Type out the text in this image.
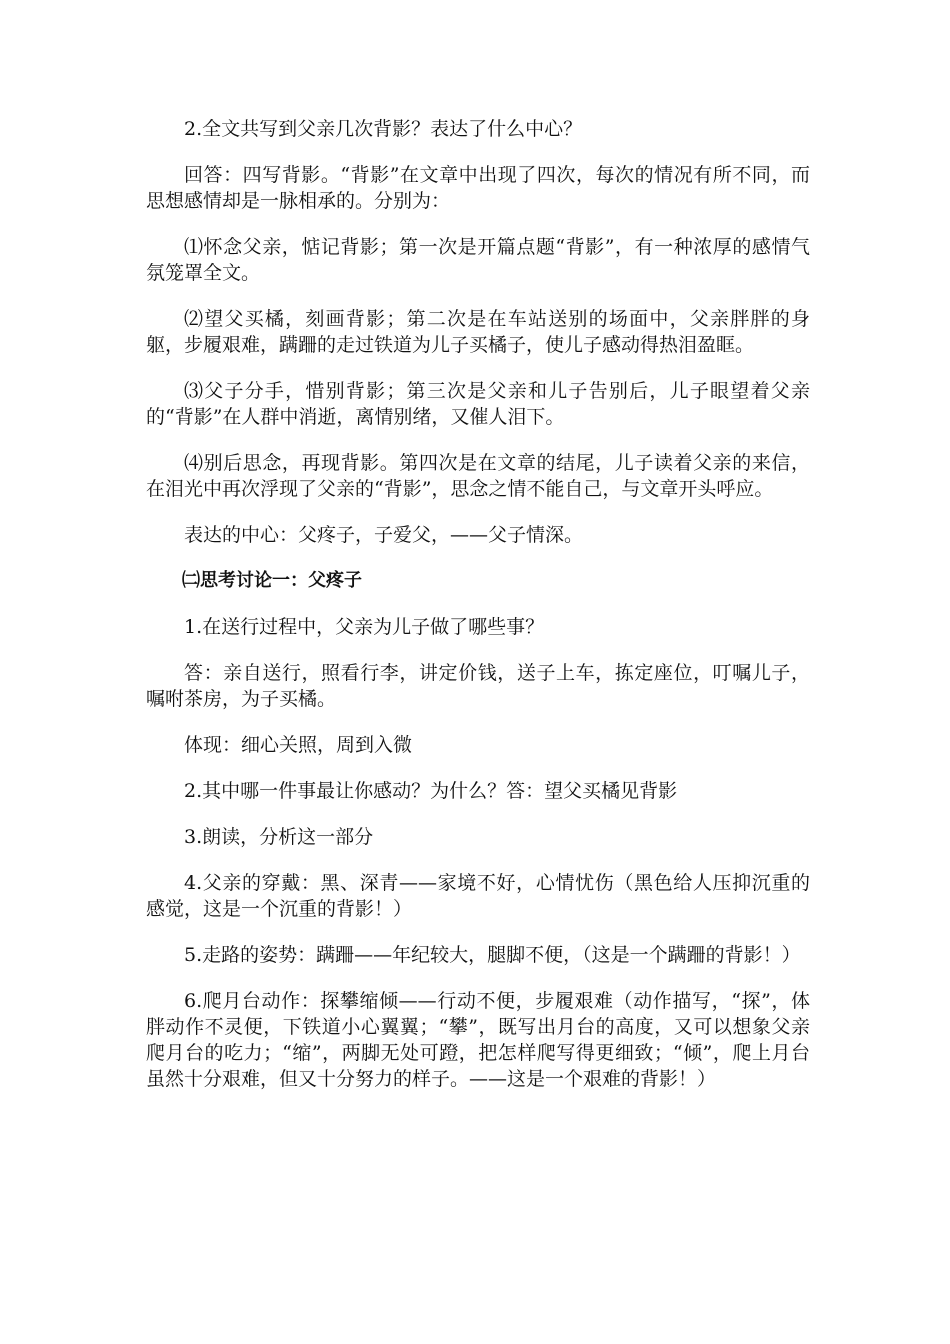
2.全文共写到父亲几次背影？表达了什么中心？

回答：四写背影。“背影”在文章中出现了四次，每次的情况有所不同，而思想感情却是一脉相承的。分别为：

⑴怀念父亲，惦记背影；第一次是开篇点题“背影”，有一种浓厚的感情气氛笼罩全文。

⑵望父买橘，刻画背影；第二次是在车站送别的场面中，父亲胖胖的身躯，步履艰难，蹒跚的走过铁道为儿子买橘子，使儿子感动得热泪盈眶。

⑶父子分手，惜别背影；第三次是父亲和儿子告别后，儿子眼望着父亲的“背影”在人群中消逝，离情别绪，又催人泪下。

⑷别后思念，再现背影。第四次是在文章的结尾，儿子读着父亲的来信，在泪光中再次浮现了父亲的“背影”，思念之情不能自己，与文章开头呼应。

表达的中心：父疼子，子爱父，——父子情深。

㈡思考讨论一：父疼子

1.在送行过程中，父亲为儿子做了哪些事？

答：亲自送行，照看行李，讲定价钱，送子上车，拣定座位，叮嘱儿子，嘱咐茶房，为子买橘。

体现：细心关照，周到入微

2.其中哪一件事最让你感动？为什么？答：望父买橘见背影

3.朗读，分析这一部分

4.父亲的穿戴：黑、深青——家境不好，心情忧伤（黑色给人压抑沉重的感觉，这是一个沉重的背影！）

5.走路的姿势：蹒跚——年纪较大，腿脚不便，（这是一个蹒跚的背影！）

6.爬月台动作：探攀缩倾——行动不便，步履艰难（动作描写，“探”，体胖动作不灵便，下铁道小心翼翼；“攀”，既写出月台的高度，又可以想象父亲爬月台的吃力；“缩”，两脚无处可蹬，把怎样爬写得更细致；“倾”，爬上月台虽然十分艰难，但又十分努力的样子。——这是一个艰难的背影！）
